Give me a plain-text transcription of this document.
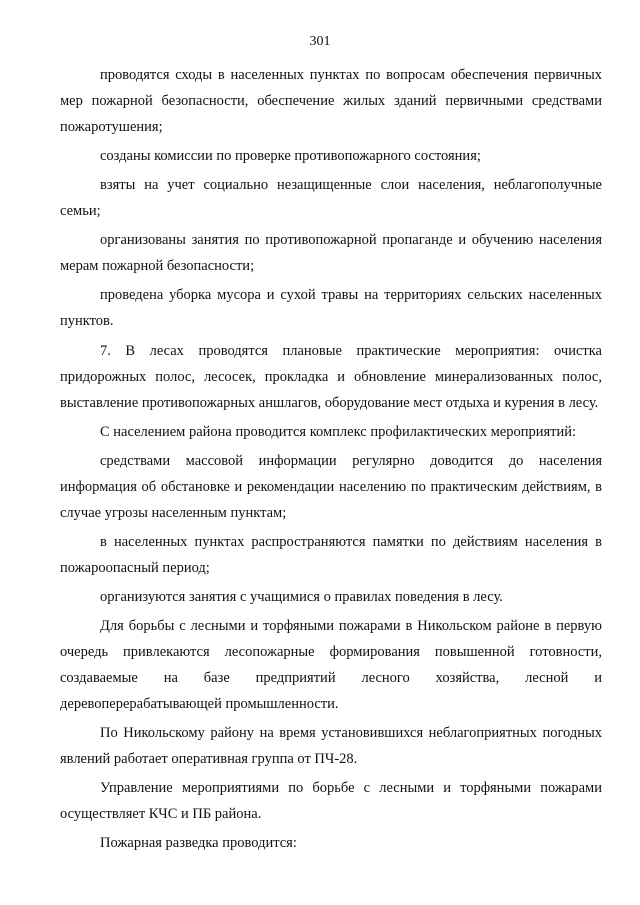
301

проводятся сходы в населенных пунктах по вопросам обеспечения первичных мер пожарной безопасности, обеспечение жилых зданий первичными средствами пожаротушения;

созданы комиссии по проверке противопожарного состояния;

взяты на учет социально незащищенные слои населения, неблагополучные семьи;

организованы занятия по противопожарной пропаганде и обучению населения мерам пожарной безопасности;

проведена уборка мусора и сухой травы на территориях сельских населенных пунктов.

7. В лесах проводятся плановые практические мероприятия: очистка придорожных полос, лесосек, прокладка и обновление минерализованных полос, выставление противопожарных аншлагов, оборудование мест отдыха и курения в лесу.

С населением района проводится комплекс профилактических мероприятий:

средствами массовой информации регулярно доводится до населения информация об обстановке и рекомендации населению по практическим действиям, в случае угрозы населенным пунктам;

в населенных пунктах распространяются памятки по действиям населения в пожароопасный период;

организуются занятия с учащимися о правилах поведения в лесу.

Для борьбы с лесными и торфяными пожарами в Никольском районе в первую очередь привлекаются лесопожарные формирования повышенной готовности, создаваемые на базе предприятий лесного хозяйства, лесной и деревоперерабатывающей промышленности.

По Никольскому району на время установившихся неблагоприятных погодных явлений работает оперативная группа от ПЧ-28.

Управление мероприятиями по борьбе с лесными и торфяными пожарами осуществляет КЧС и ПБ района.

Пожарная разведка проводится:
